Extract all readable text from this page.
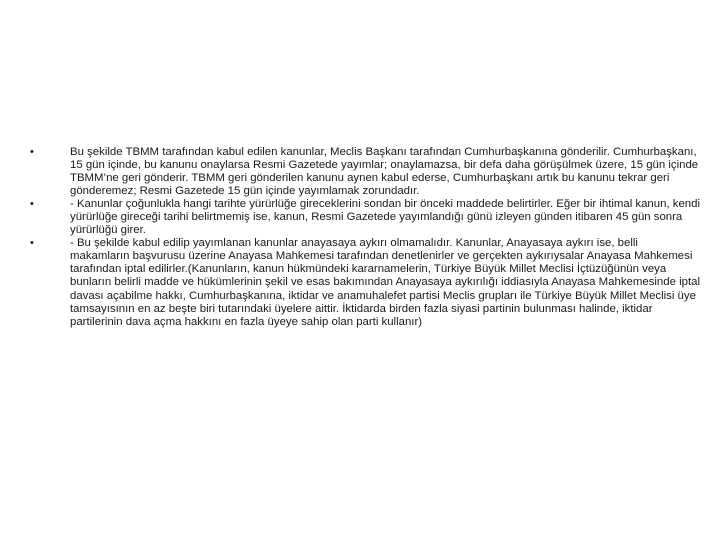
•	Bu şekilde TBMM tarafından kabul edilen kanunlar, Meclis Başkanı tarafından Cumhurbaşkanına gönderilir. Cumhurbaşkanı, 15 gün içinde, bu kanunu onaylarsa Resmi Gazetede yayımlar; onaylamazsa, bir defa daha görüşülmek üzere, 15 gün içinde TBMM’ne geri gönderir. TBMM geri gönderilen kanunu aynen kabul ederse, Cumhurbaşkanı artık bu kanunu tekrar geri gönderemez; Resmi Gazetede 15 gün içinde yayımlamak zorundadır.
•	- Kanunlar çoğunlukla hangi tarihte yürürlüğe gireceklerini sondan bir önceki maddede belirtirler. Eğer bir ihtimal kanun, kendi yürürlüğe gireceği tarihi belirtmemiş ise, kanun, Resmi Gazetede yayımlandığı günü izleyen günden itibaren 45 gün sonra yürürlüğü girer.
•	- Bu şekilde kabul edilip yayımlanan kanunlar anayasaya aykırı olmamalıdır. Kanunlar, Anayasaya aykırı ise, belli makamların başvurusu üzerine Anayasa Mahkemesi tarafından denetlenirler ve gerçekten aykırıysalar Anayasa Mahkemesi tarafından iptal edilirler.(Kanunların, kanun hükmündeki kararnamelerin, Türkiye Büyük Millet Meclisi İçtüzüğünün veya bunların belirli madde ve hükümlerinin şekil ve esas bakımından Anayasaya aykırılığı iddiasıyla Anayasa Mahkemesinde iptal davası açabilme hakkı, Cumhurbaşkanına, iktidar ve anamuhalefet partisi Meclis grupları ile Türkiye Büyük Millet Meclisi üye tamsayısının en az beşte biri tutarındaki üyelere aittir. İktidarda birden fazla siyasi partinin bulunması halinde, iktidar partilerinin dava açma hakkını en fazla üyeye sahip olan parti kullanır)
